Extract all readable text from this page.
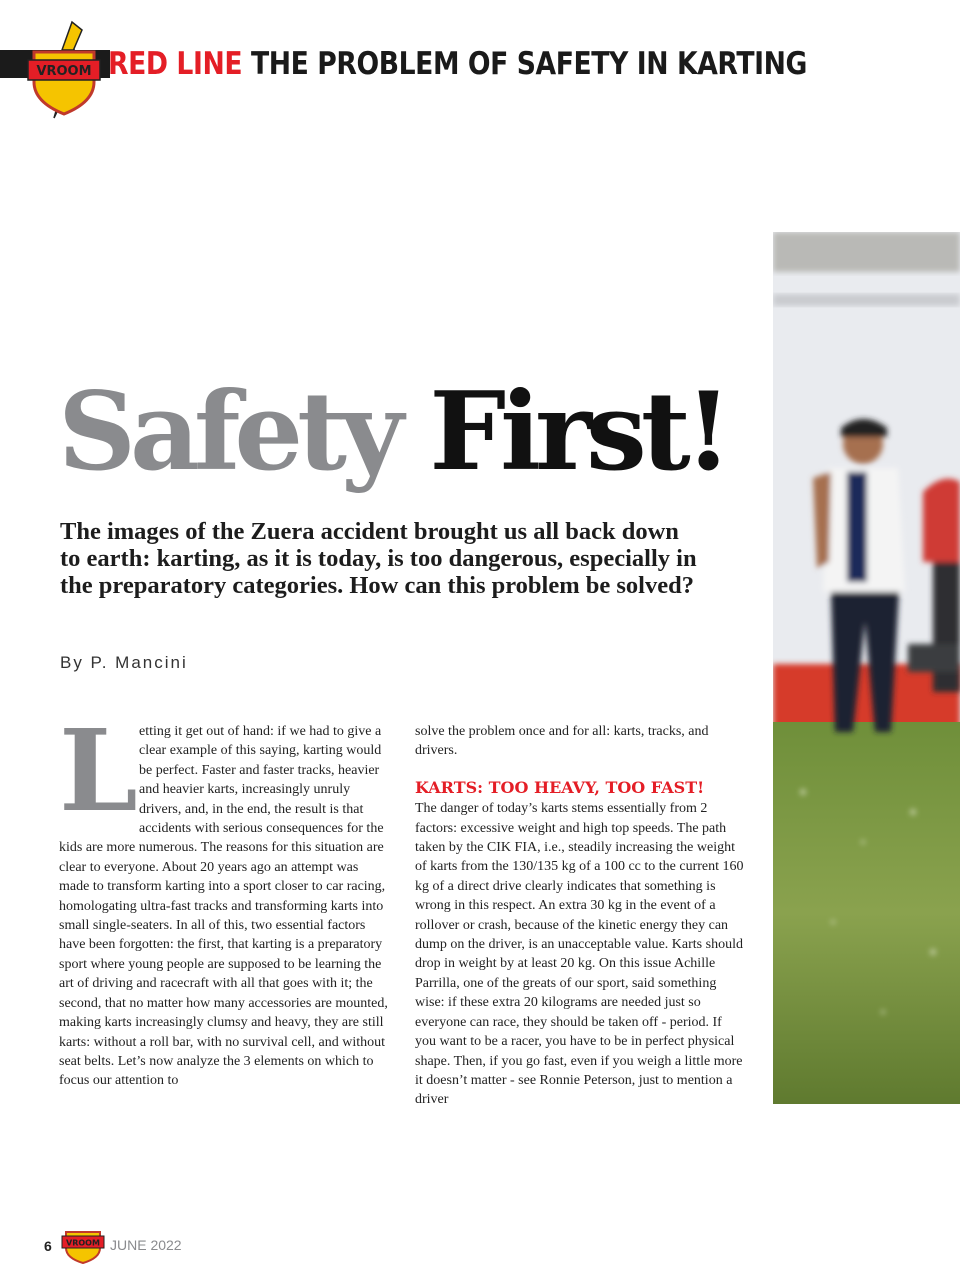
VROOM RED LINE THE PROBLEM OF SAFETY IN KARTING
Safety First!
The images of the Zuera accident brought us all back down to earth: karting, as it is today, is too dangerous, especially in the preparatory categories. How can this problem be solved?
By P. Mancini
L etting it get out of hand: if we had to give a clear example of this saying, karting would be perfect. Faster and faster tracks, heavier and heavier karts, increasingly unruly drivers, and, in the end, the result is that accidents with serious consequences for the kids are more numerous. The reasons for this situation are clear to everyone. About 20 years ago an attempt was made to transform karting into a sport closer to car racing, homologating ultra-fast tracks and transforming karts into small single-seaters. In all of this, two essential factors have been forgotten: the first, that karting is a preparatory sport where young people are supposed to be learning the art of driving and racecraft with all that goes with it; the second, that no matter how many accessories are mounted, making karts increasingly clumsy and heavy, they are still karts: without a roll bar, with no survival cell, and without seat belts. Let’s now analyze the 3 elements on which to focus our attention to

solve the problem once and for all: karts, tracks, and drivers.

KARTS: TOO HEAVY, TOO FAST!

The danger of today’s karts stems essentially from 2 factors: excessive weight and high top speeds. The path taken by the CIK FIA, i.e., steadily increasing the weight of karts from the 130/135 kg of a 100 cc to the current 160 kg of a direct drive clearly indicates that something is wrong in this respect. An extra 30 kg in the event of a rollover or crash, because of the kinetic energy they can dump on the driver, is an unacceptable value. Karts should drop in weight by at least 20 kg. On this issue Achille Parrilla, one of the greats of our sport, said something wise: if these extra 20 kilograms are needed just so everyone can race, they should be taken off - period. If you want to be a racer, you have to be in perfect physical shape. Then, if you go fast, even if you weigh a little more it doesn’t matter - see Ronnie Peterson, just to mention a driver

6 VROOM JUNE 2022
